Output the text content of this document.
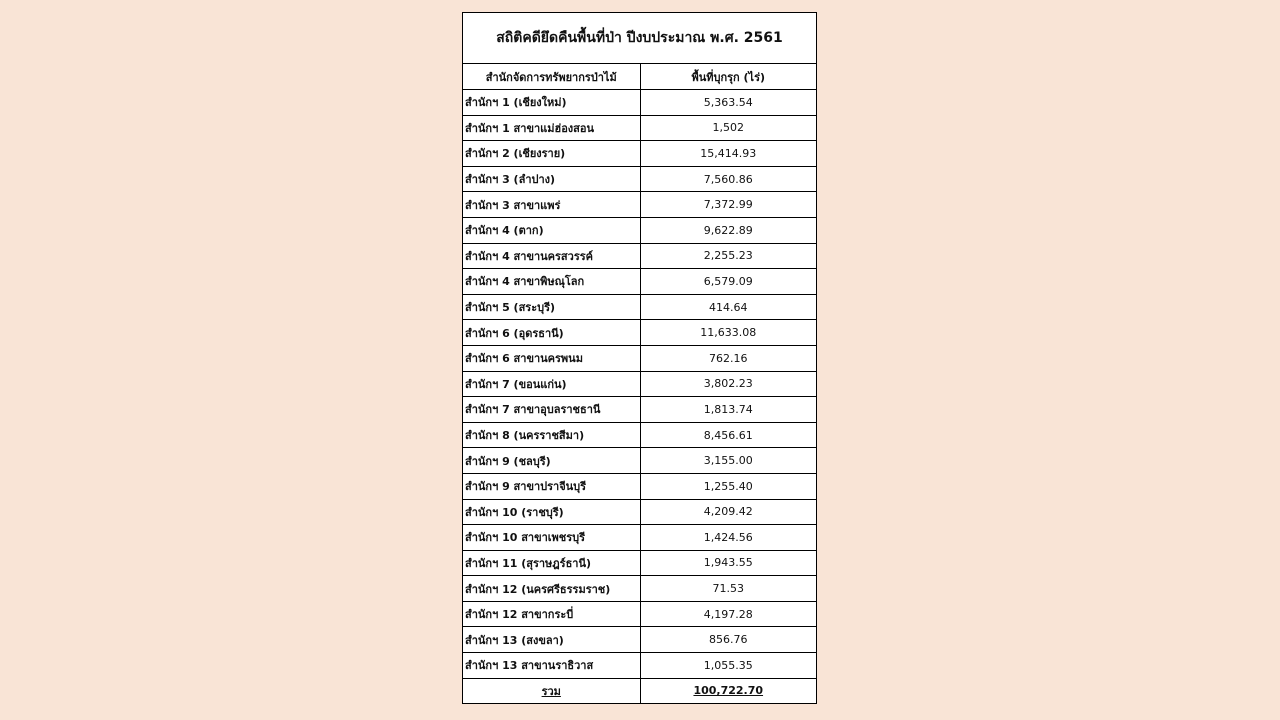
สถิติคดียึดคืนพื้นที่ป่า ปีงบประมาณ พ.ศ. 2561
สำนักจัดการทรัพยากรป่าไม้	พื้นที่บุกรุก (ไร่)
สำนักฯ 1 (เชียงใหม่)	5,363.54
สำนักฯ 1 สาขาแม่ฮ่องสอน	1,502
สำนักฯ 2 (เชียงราย)	15,414.93
สำนักฯ 3 (ลำปาง)	7,560.86
สำนักฯ 3 สาขาแพร่	7,372.99
สำนักฯ 4 (ตาก)	9,622.89
สำนักฯ 4 สาขานครสวรรค์	2,255.23
สำนักฯ 4 สาขาพิษณุโลก	6,579.09
สำนักฯ 5 (สระบุรี)	414.64
สำนักฯ 6 (อุดรธานี)	11,633.08
สำนักฯ 6 สาขานครพนม	762.16
สำนักฯ 7 (ขอนแก่น)	3,802.23
สำนักฯ 7 สาขาอุบลราชธานี	1,813.74
สำนักฯ 8 (นครราชสีมา)	8,456.61
สำนักฯ 9 (ชลบุรี)	3,155.00
สำนักฯ 9 สาขาปราจีนบุรี	1,255.40
สำนักฯ 10 (ราชบุรี)	4,209.42
สำนักฯ 10 สาขาเพชรบุรี	1,424.56
สำนักฯ 11 (สุราษฎร์ธานี)	1,943.55
สำนักฯ 12 (นครศรีธรรมราช)	71.53
สำนักฯ 12 สาขากระบี่	4,197.28
สำนักฯ 13 (สงขลา)	856.76
สำนักฯ 13 สาขานราธิวาส	1,055.35
รวม	100,722.70
